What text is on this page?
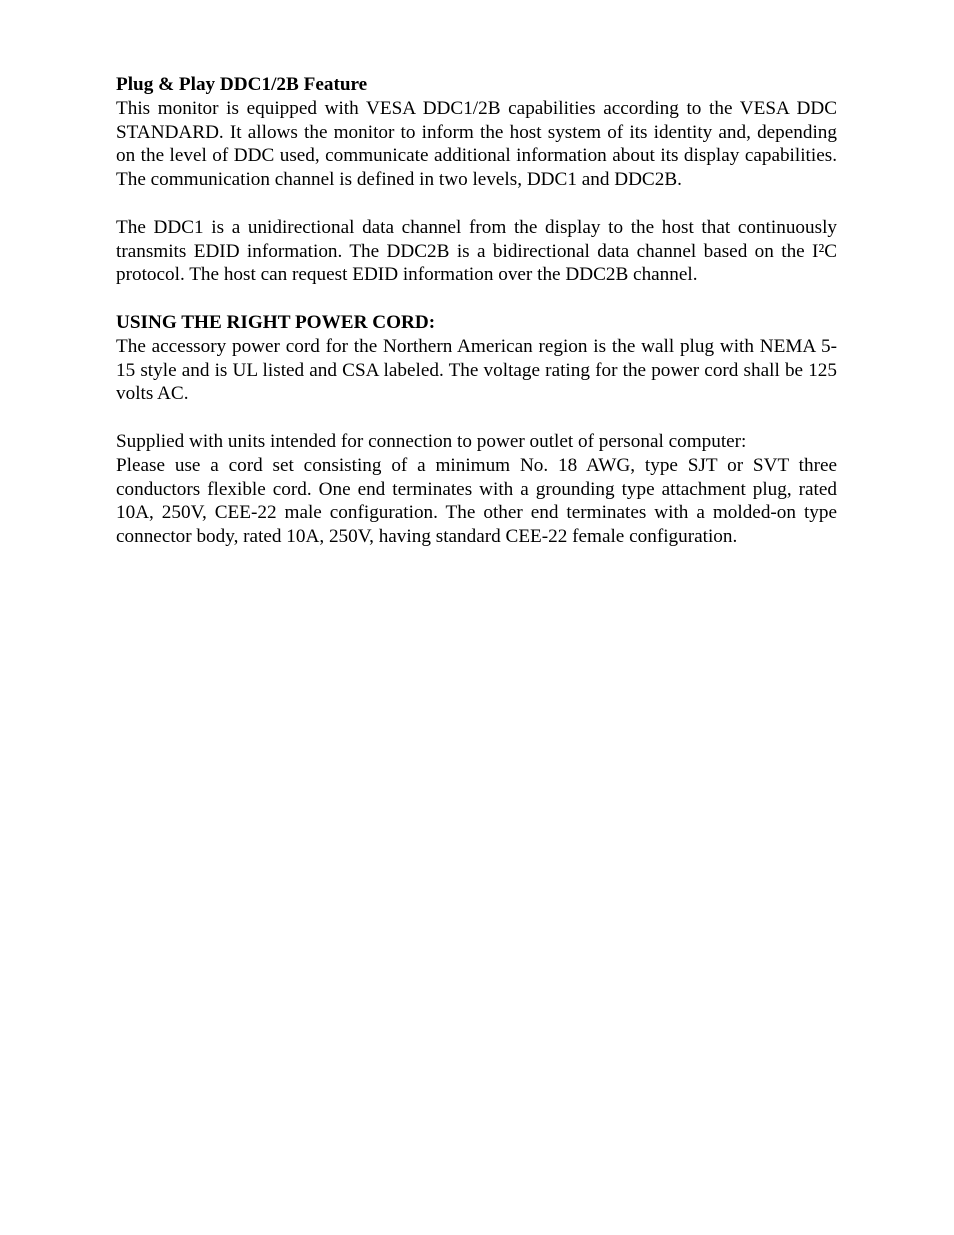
Plug & Play DDC1/2B Feature

This monitor is equipped with VESA DDC1/2B capabilities according to the VESA DDC STANDARD. It allows the monitor to inform the host system of its identity and, depending on the level of DDC used, communicate additional information about its display capabilities. The communication channel is defined in two levels, DDC1 and DDC2B.

The DDC1 is a unidirectional data channel from the display to the host that continuously transmits EDID information. The DDC2B is a bidirectional data channel based on the I²C protocol. The host can request EDID information over the DDC2B channel.

USING THE RIGHT POWER CORD:

The accessory power cord for the Northern American region is the wall plug with NEMA 5-15 style and is UL listed and CSA labeled. The voltage rating for the power cord shall be 125 volts AC.

Supplied with units intended for connection to power outlet of personal computer:

Please use a cord set consisting of a minimum No. 18 AWG, type SJT or SVT three conductors flexible cord. One end terminates with a grounding type attachment plug, rated 10A, 250V, CEE-22 male configuration. The other end terminates with a molded-on type connector body, rated 10A, 250V, having standard CEE-22 female configuration.
